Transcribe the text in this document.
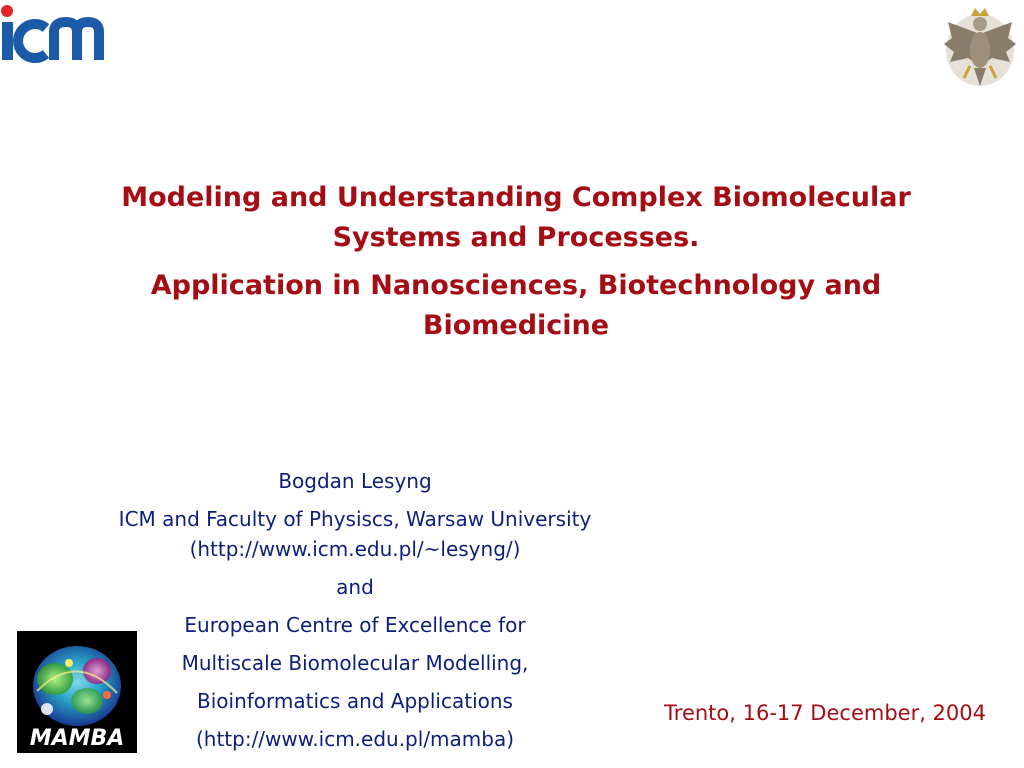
Modeling and Understanding Complex Biomolecular Systems and Processes.
Application in Nanosciences, Biotechnology and Biomedicine
Bogdan Lesyng
ICM and Faculty of Physiscs, Warsaw University
(http://www.icm.edu.pl/~lesyng/)
and
European Centre of Excellence for
Multiscale Biomolecular Modelling,
Bioinformatics and Applications
(http://www.icm.edu.pl/mamba)
MAMBA
Trento, 16-17 December, 2004
